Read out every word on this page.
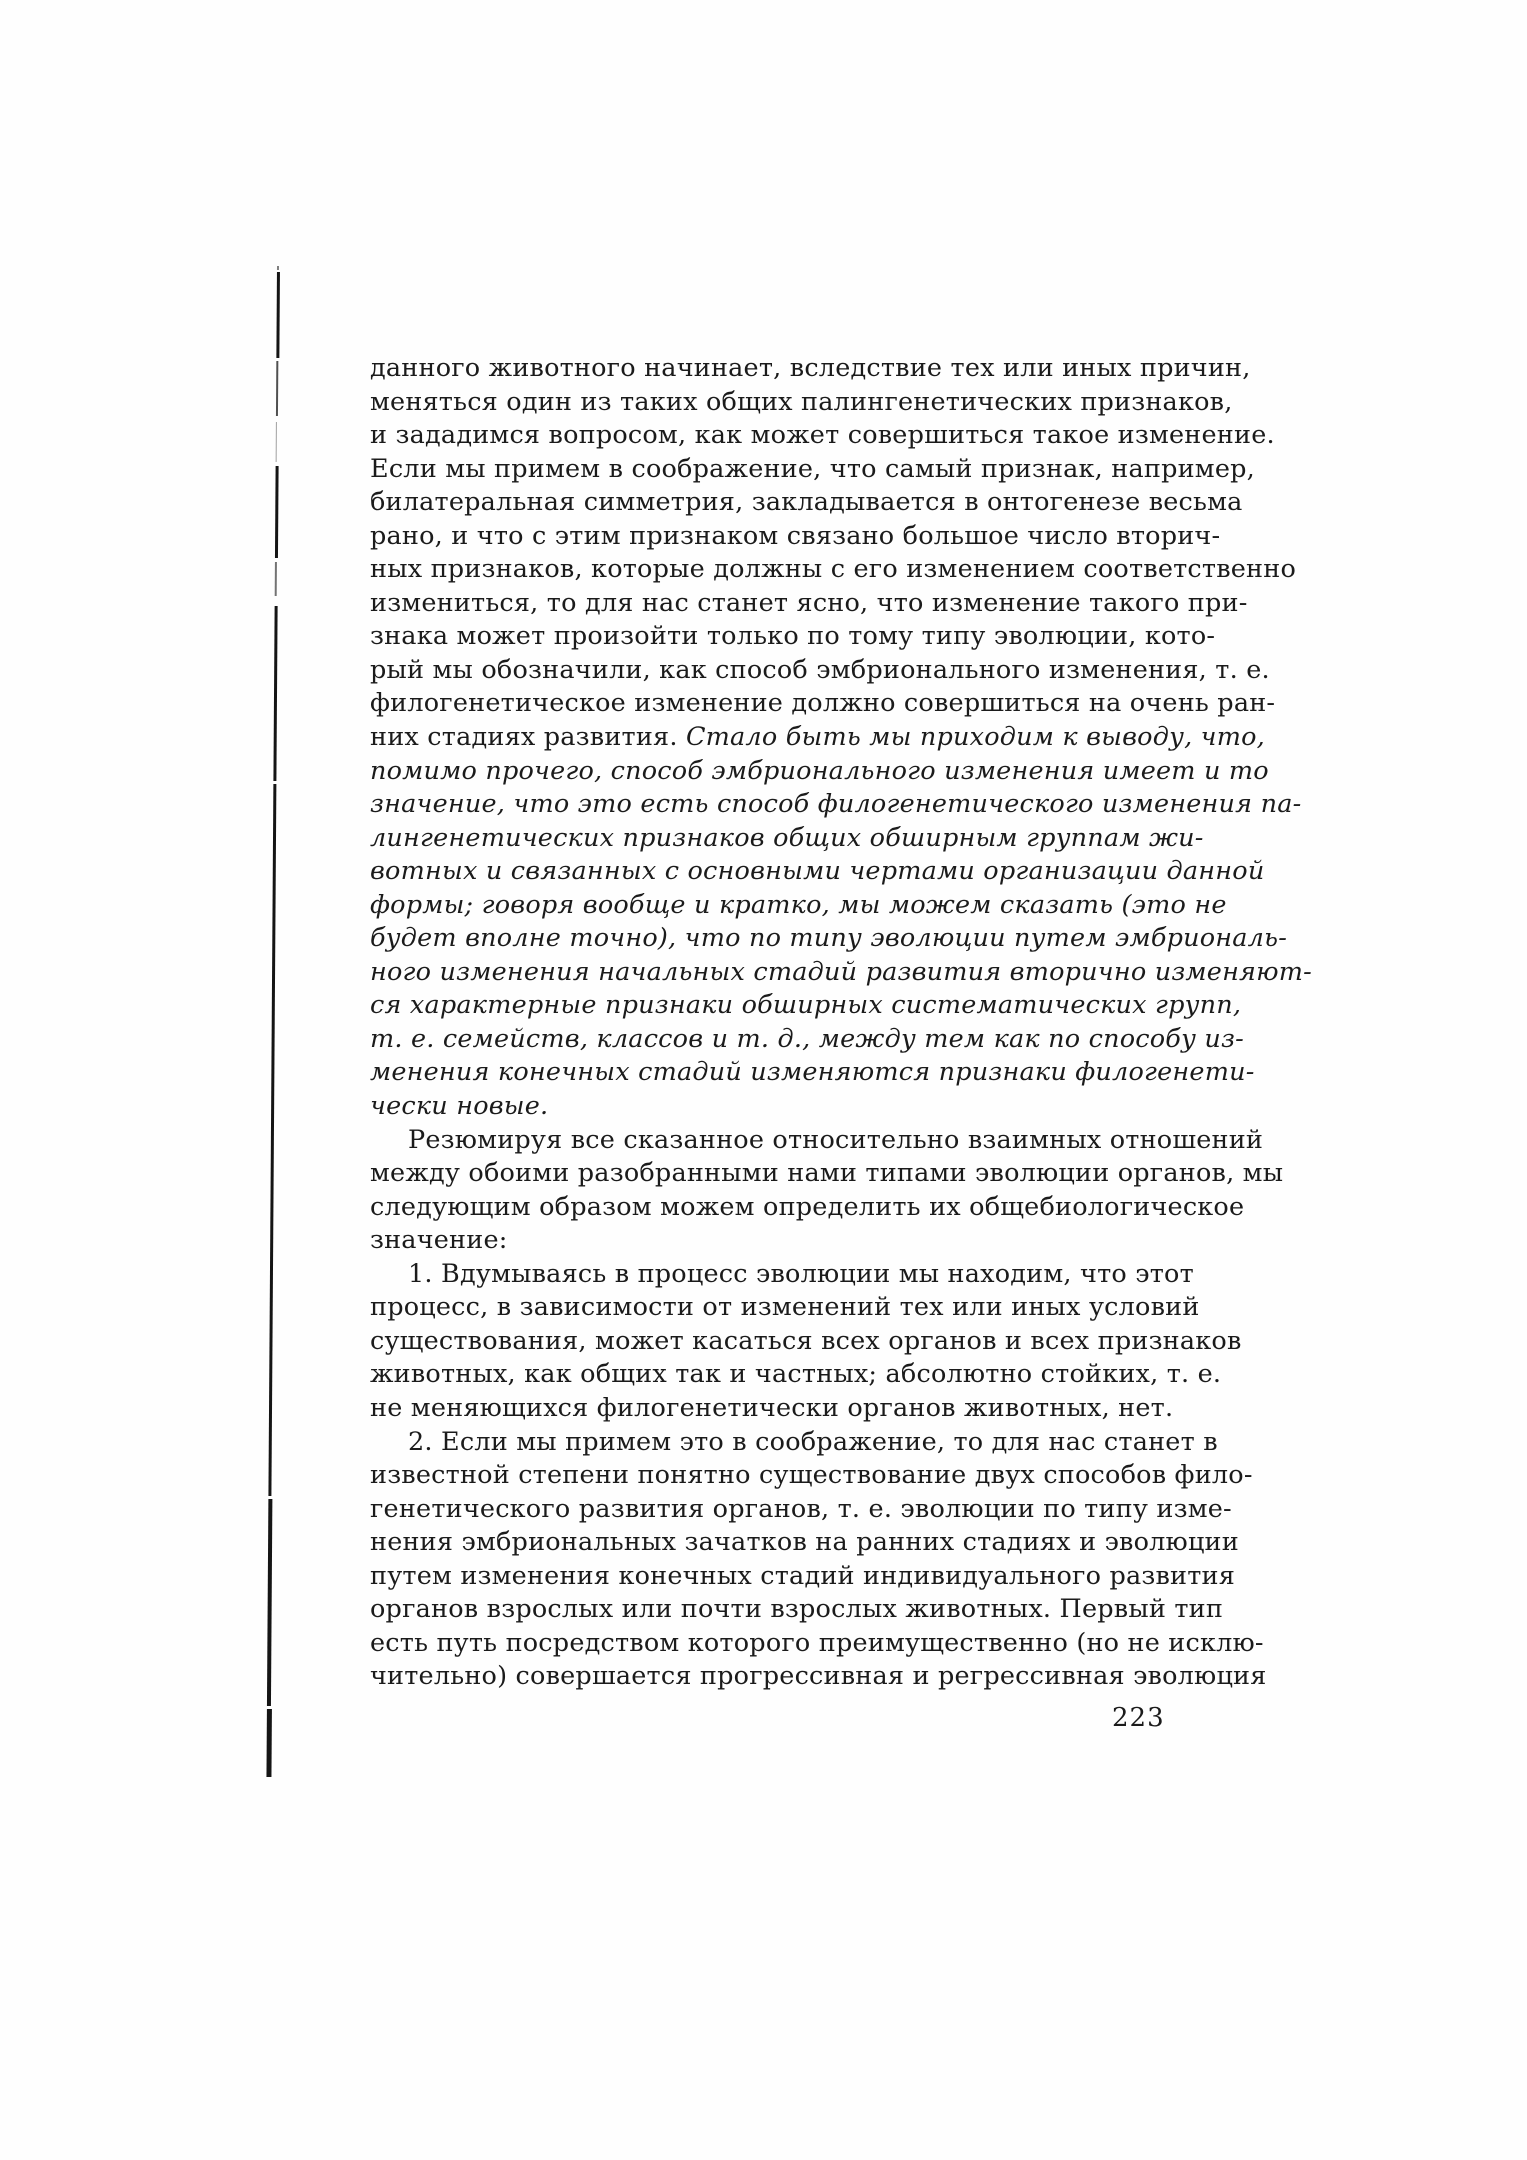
данного животного начинает, вследствие тех или иных причин,
меняться один из таких общих палингенетических признаков,
и зададимся вопросом, как может совершиться такое изменение.
Если мы примем в соображение, что самый признак, например,
билатеральная симметрия, закладывается в онтогенезе весьма
рано, и что с этим признаком связано большое число вторич-
ных признаков, которые должны с его изменением соответственно
измениться, то для нас станет ясно, что изменение такого при-
знака может произойти только по тому типу эволюции, кото-
рый мы обозначили, как способ эмбрионального изменения, т. е.
филогенетическое изменение должно совершиться на очень ран-
них стадиях развития. Стало быть мы приходим к выводу, что,
помимо прочего, способ эмбрионального изменения имеет и то
значение, что это есть способ филогенетического изменения па-
лингенетических признаков общих обширным группам жи-
вотных и связанных с основными чертами организации данной
формы; говоря вообще и кратко, мы можем сказать (это не
будет вполне точно), что по типу эволюции путем эмбриональ-
ного изменения начальных стадий развития вторично изменяют-
ся характерные признаки обширных систематических групп,
т. е. семейств, классов и т. д., между тем как по способу из-
менения конечных стадий изменяются признаки филогенети-
чески новые.
Резюмируя все сказанное относительно взаимных отношений
между обоими разобранными нами типами эволюции органов, мы
следующим образом можем определить их общебиологическое
значение:
1. Вдумываясь в процесс эволюции мы находим, что этот
процесс, в зависимости от изменений тех или иных условий
существования, может касаться всех органов и всех признаков
животных, как общих так и частных; абсолютно стойких, т. е.
не меняющихся филогенетически органов животных, нет.
2. Если мы примем это в соображение, то для нас станет в
известной степени понятно существование двух способов фило-
генетического развития органов, т. е. эволюции по типу изме-
нения эмбриональных зачатков на ранних стадиях и эволюции
путем изменения конечных стадий индивидуального развития
органов взрослых или почти взрослых животных. Первый тип
есть путь посредством которого преимущественно (но не исклю-
чительно) совершается прогрессивная и регрессивная эволюция
223
